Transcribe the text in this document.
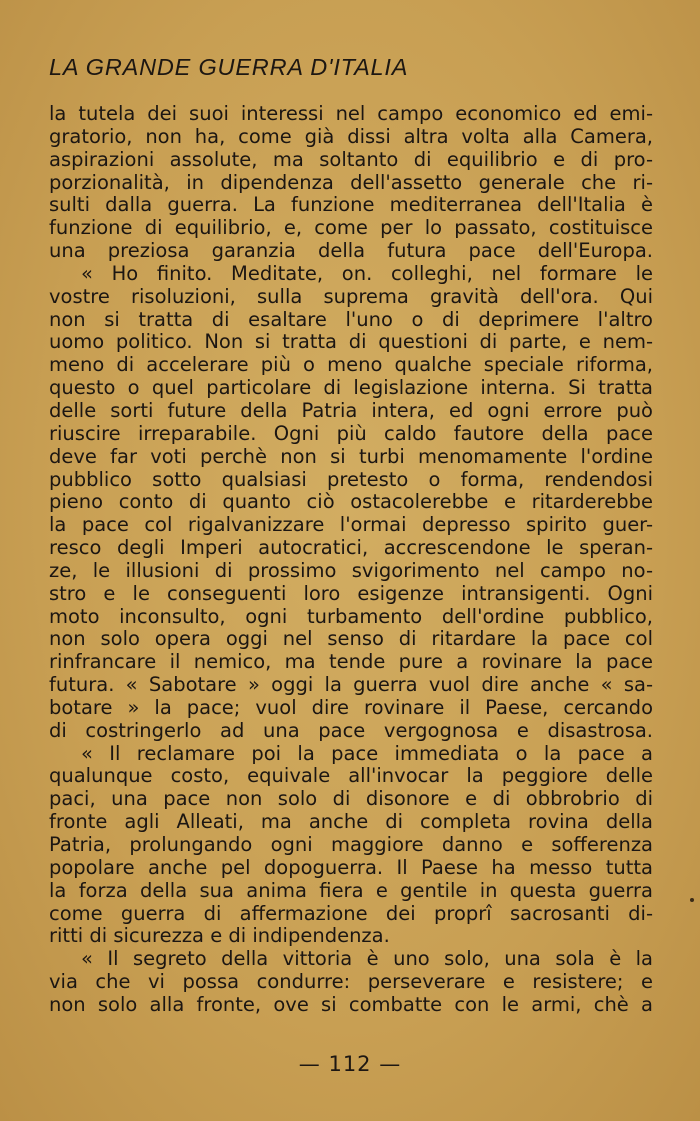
LA GRANDE GUERRA D'ITALIA
la tutela dei suoi interessi nel campo economico ed emi-
gratorio, non ha, come già dissi altra volta alla Camera,
aspirazioni assolute, ma soltanto di equilibrio e di pro-
porzionalità, in dipendenza dell'assetto generale che ri-
sulti dalla guerra. La funzione mediterranea dell'Italia è
funzione di equilibrio, e, come per lo passato, costituisce
una preziosa garanzia della futura pace dell'Europa.
« Ho finito. Meditate, on. colleghi, nel formare le
vostre risoluzioni, sulla suprema gravità dell'ora. Qui
non si tratta di esaltare l'uno o di deprimere l'altro
uomo politico. Non si tratta di questioni di parte, e nem-
meno di accelerare più o meno qualche speciale riforma,
questo o quel particolare di legislazione interna. Si tratta
delle sorti future della Patria intera, ed ogni errore può
riuscire irreparabile. Ogni più caldo fautore della pace
deve far voti perchè non si turbi menomamente l'ordine
pubblico sotto qualsiasi pretesto o forma, rendendosi
pieno conto di quanto ciò ostacolerebbe e ritarderebbe
la pace col rigalvanizzare l'ormai depresso spirito guer-
resco degli Imperi autocratici, accrescendone le speran-
ze, le illusioni di prossimo svigorimento nel campo no-
stro e le conseguenti loro esigenze intransigenti. Ogni
moto inconsulto, ogni turbamento dell'ordine pubblico,
non solo opera oggi nel senso di ritardare la pace col
rinfrancare il nemico, ma tende pure a rovinare la pace
futura. « Sabotare » oggi la guerra vuol dire anche « sa-
botare » la pace; vuol dire rovinare il Paese, cercando
di costringerlo ad una pace vergognosa e disastrosa.
« Il reclamare poi la pace immediata o la pace a
qualunque costo, equivale all'invocar la peggiore delle
paci, una pace non solo di disonore e di obbrobrio di
fronte agli Alleati, ma anche di completa rovina della
Patria, prolungando ogni maggiore danno e sofferenza
popolare anche pel dopoguerra. Il Paese ha messo tutta
la forza della sua anima fiera e gentile in questa guerra
come guerra di affermazione dei proprî sacrosanti di-
ritti di sicurezza e di indipendenza.
« Il segreto della vittoria è uno solo, una sola è la
via che vi possa condurre: perseverare e resistere; e
non solo alla fronte, ove si combatte con le armi, chè a
— 112 —
